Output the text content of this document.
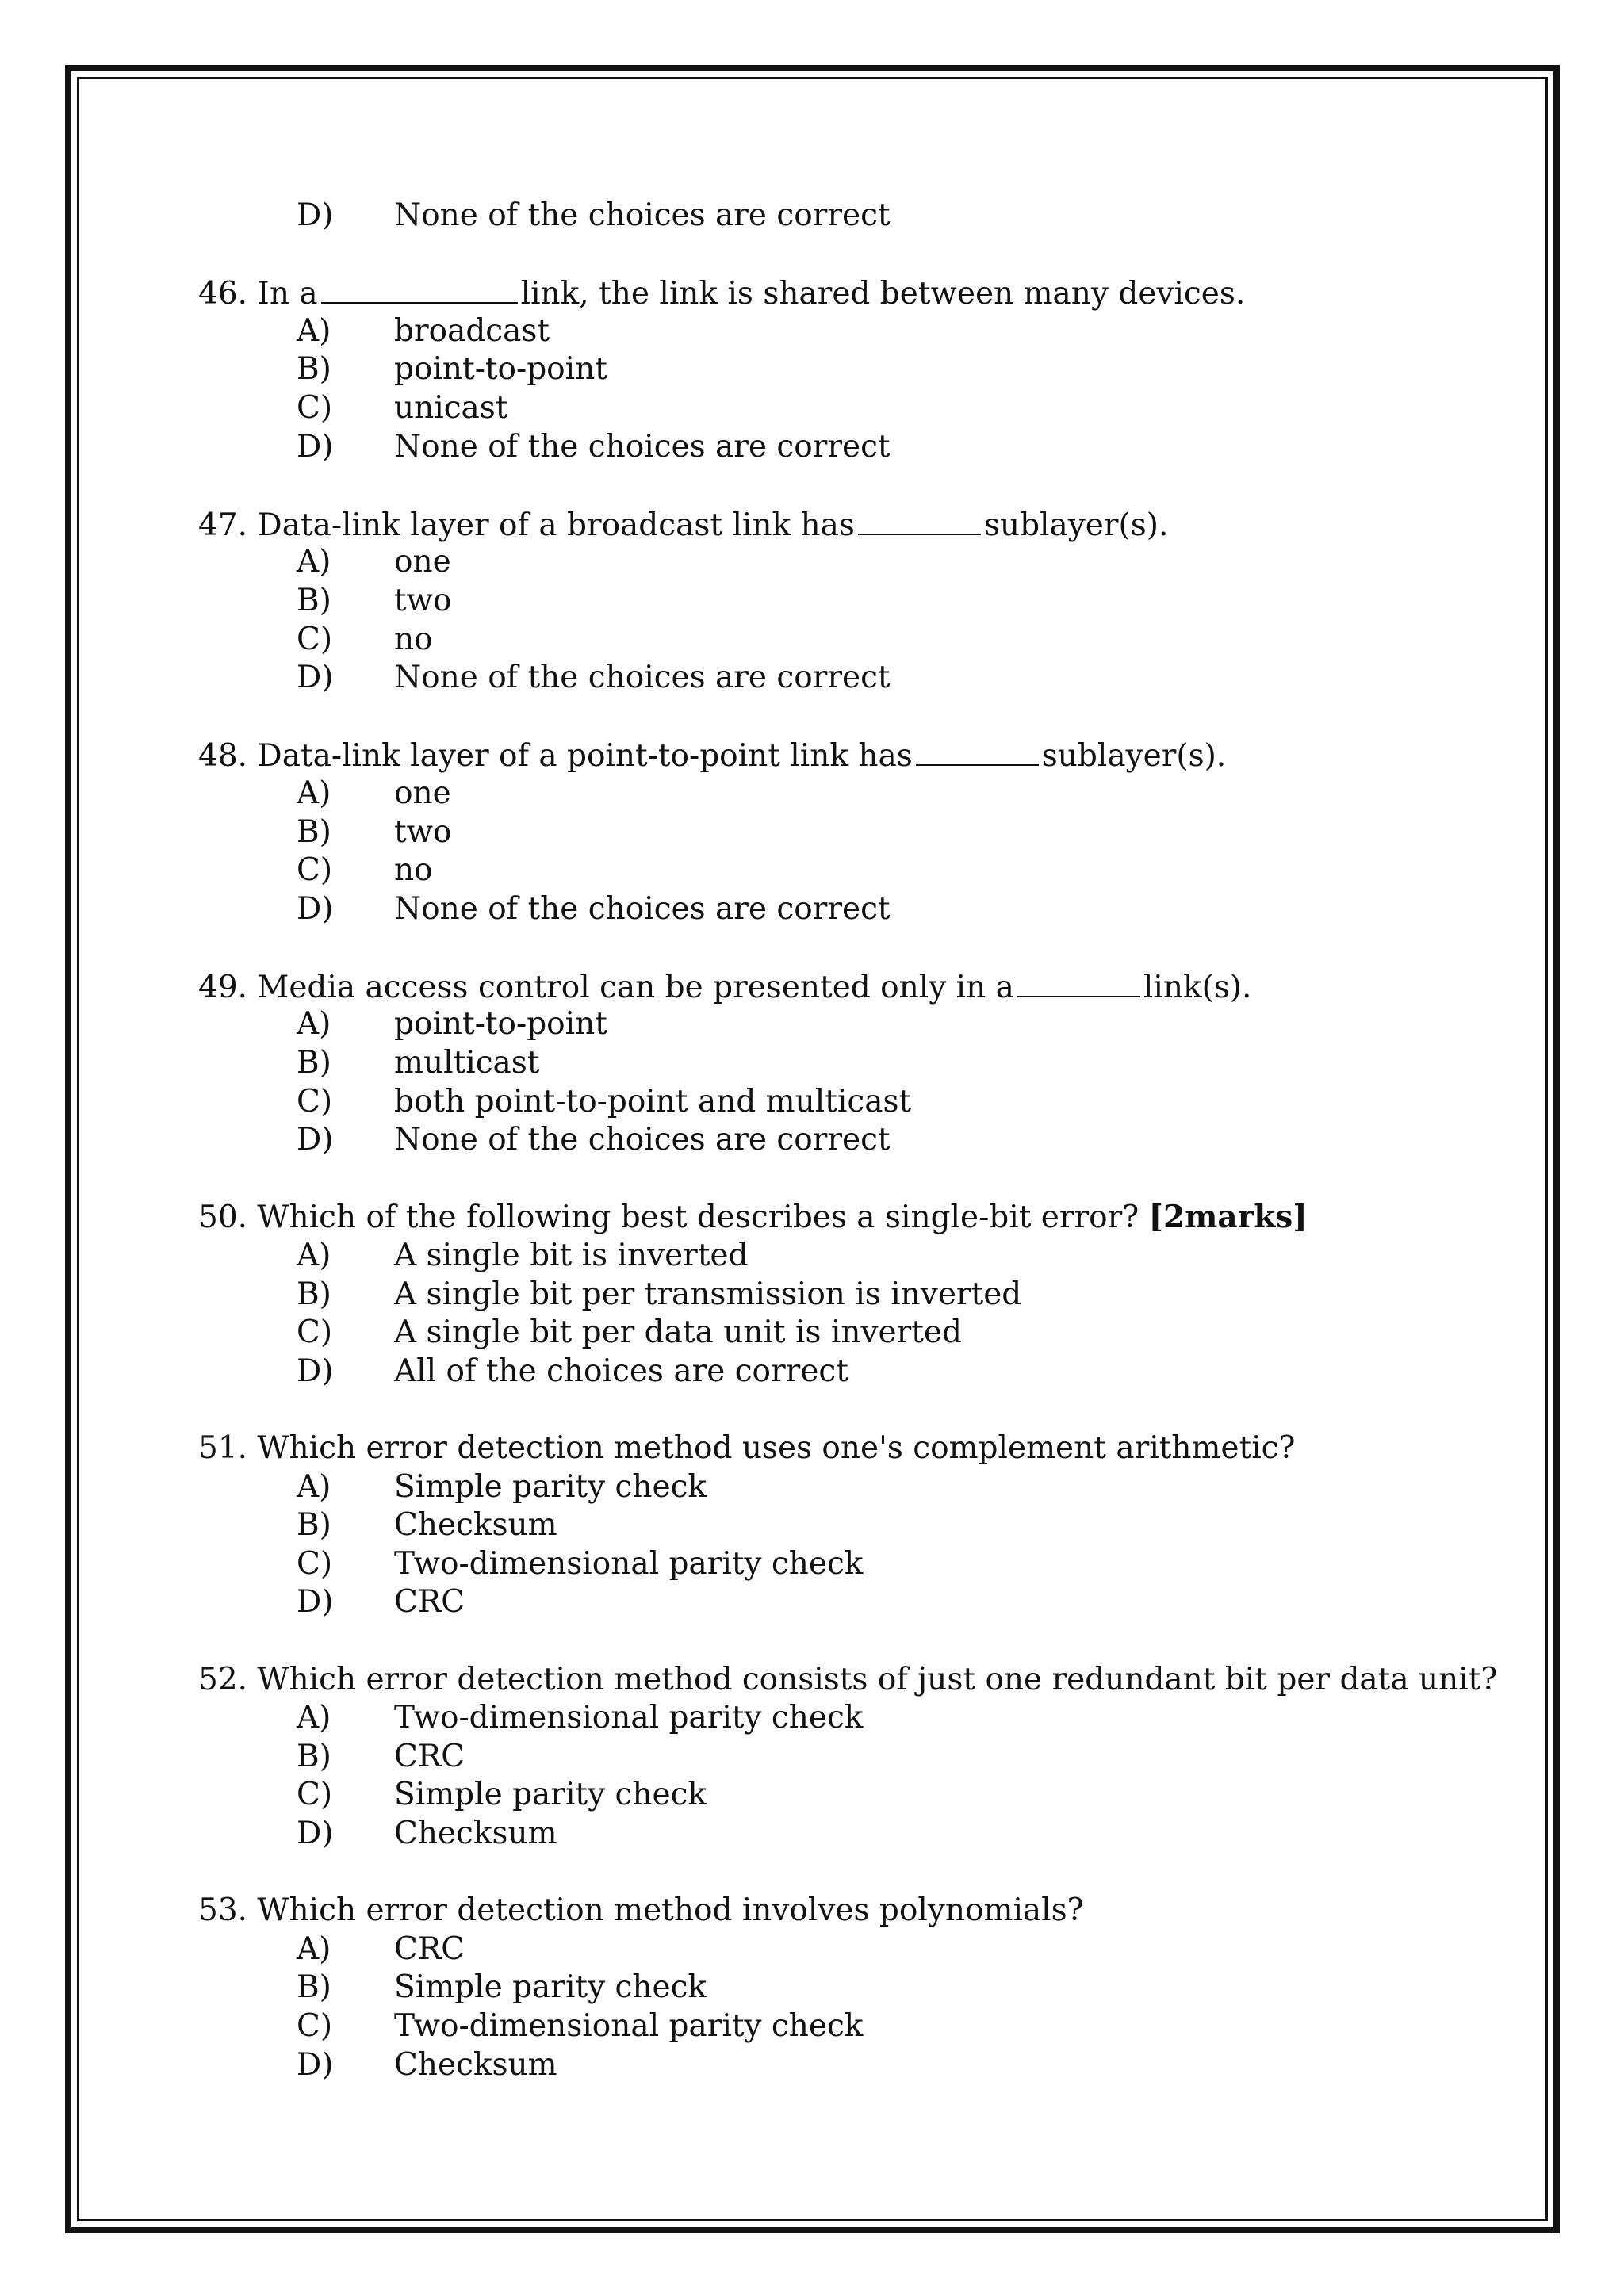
D) None of the choices are correct
46. In a	link, the link is shared between many devices.
A) broadcast
B) point-to-point
C) unicast
D) None of the choices are correct
47. Data-link layer of a broadcast link has	sublayer(s).
A) one
B) two
C) no
D) None of the choices are correct
48. Data-link layer of a point-to-point link has	sublayer(s).
A) one
B) two
C) no
D) None of the choices are correct
49. Media access control can be presented only in a	link(s).
A) point-to-point
B) multicast
C) both point-to-point and multicast
D) None of the choices are correct
50. Which of the following best describes a single-bit error? [2marks]
A) A single bit is inverted
B) A single bit per transmission is inverted
C) A single bit per data unit is inverted
D) All of the choices are correct
51. Which error detection method uses one's complement arithmetic?
A) Simple parity check
B) Checksum
C) Two-dimensional parity check
D) CRC
52. Which error detection method consists of just one redundant bit per data unit?
A) Two-dimensional parity check
B) CRC
C) Simple parity check
D) Checksum
53. Which error detection method involves polynomials?
A) CRC
B) Simple parity check
C) Two-dimensional parity check
D) Checksum
